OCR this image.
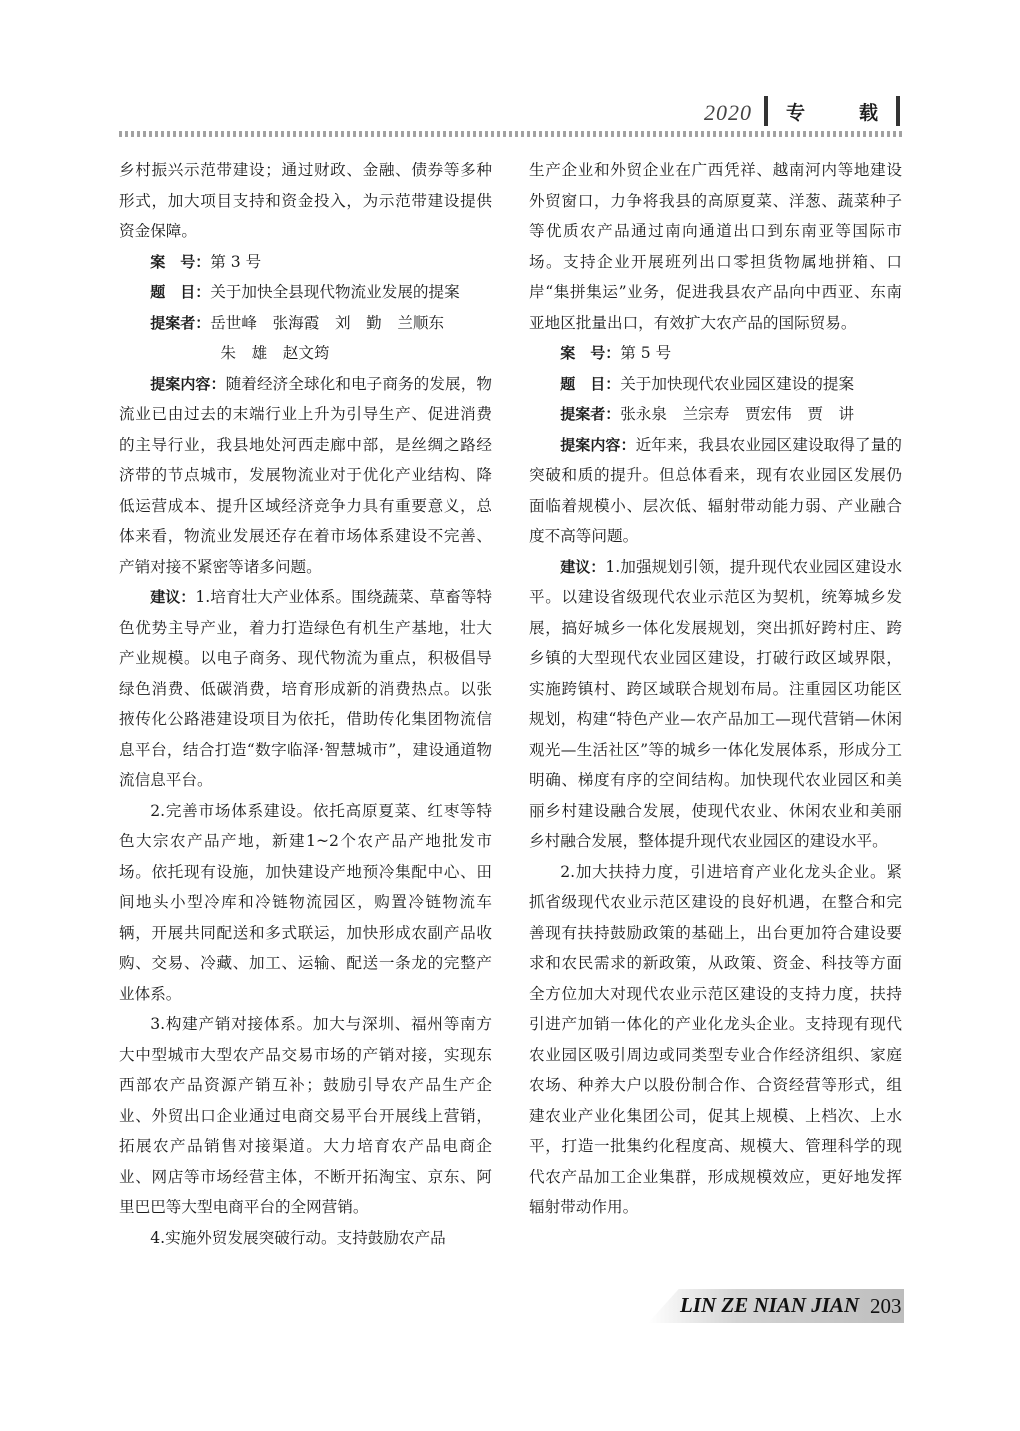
2020 专	载

乡村振兴示范带建设；通过财政、金融、债券等多种形式，加大项目支持和资金投入，为示范带建设提供资金保障。

案　号：第 3 号

题　目：关于加快全县现代物流业发展的提案

提案者：岳世峰　张海霞　刘　勤　兰顺东

朱　雄　赵文筠

提案内容：随着经济全球化和电子商务的发展，物流业已由过去的末端行业上升为引导生产、促进消费的主导行业，我县地处河西走廊中部，是丝绸之路经济带的节点城市，发展物流业对于优化产业结构、降低运营成本、提升区域经济竞争力具有重要意义，总体来看，物流业发展还存在着市场体系建设不完善、产销对接不紧密等诸多问题。

建议：1.培育壮大产业体系。围绕蔬菜、草畜等特色优势主导产业，着力打造绿色有机生产基地，壮大产业规模。以电子商务、现代物流为重点，积极倡导绿色消费、低碳消费，培育形成新的消费热点。以张掖传化公路港建设项目为依托，借助传化集团物流信息平台，结合打造“数字临泽·智慧城市”，建设通道物流信息平台。

2.完善市场体系建设。依托高原夏菜、红枣等特色大宗农产品产地，新建1~2个农产品产地批发市场。依托现有设施，加快建设产地预冷集配中心、田间地头小型冷库和冷链物流园区，购置冷链物流车辆，开展共同配送和多式联运，加快形成农副产品收购、交易、冷藏、加工、运输、配送一条龙的完整产业体系。

3.构建产销对接体系。加大与深圳、福州等南方大中型城市大型农产品交易市场的产销对接，实现东西部农产品资源产销互补；鼓励引导农产品生产企业、外贸出口企业通过电商交易平台开展线上营销，拓展农产品销售对接渠道。大力培育农产品电商企业、网店等市场经营主体，不断开拓淘宝、京东、阿里巴巴等大型电商平台的全网营销。

4.实施外贸发展突破行动。支持鼓励农产品

生产企业和外贸企业在广西凭祥、越南河内等地建设外贸窗口，力争将我县的高原夏菜、洋葱、蔬菜种子等优质农产品通过南向通道出口到东南亚等国际市场。支持企业开展班列出口零担货物属地拼箱、口岸“集拼集运”业务，促进我县农产品向中西亚、东南亚地区批量出口，有效扩大农产品的国际贸易。

案　号：第 5 号

题　目：关于加快现代农业园区建设的提案

提案者：张永泉　兰宗寿　贾宏伟　贾　讲

提案内容：近年来，我县农业园区建设取得了量的突破和质的提升。但总体看来，现有农业园区发展仍面临着规模小、层次低、辐射带动能力弱、产业融合度不高等问题。

建议：1.加强规划引领，提升现代农业园区建设水平。以建设省级现代农业示范区为契机，统筹城乡发展，搞好城乡一体化发展规划，突出抓好跨村庄、跨乡镇的大型现代农业园区建设，打破行政区域界限，实施跨镇村、跨区域联合规划布局。注重园区功能区规划，构建“特色产业—农产品加工—现代营销—休闲观光—生活社区”等的城乡一体化发展体系，形成分工明确、梯度有序的空间结构。加快现代农业园区和美丽乡村建设融合发展，使现代农业、休闲农业和美丽乡村融合发展，整体提升现代农业园区的建设水平。

2.加大扶持力度，引进培育产业化龙头企业。紧抓省级现代农业示范区建设的良好机遇，在整合和完善现有扶持鼓励政策的基础上，出台更加符合建设要求和农民需求的新政策，从政策、资金、科技等方面全方位加大对现代农业示范区建设的支持力度，扶持引进产加销一体化的产业化龙头企业。支持现有现代农业园区吸引周边或同类型专业合作经济组织、家庭农场、种养大户以股份制合作、合资经营等形式，组建农业产业化集团公司，促其上规模、上档次、上水平，打造一批集约化程度高、规模大、管理科学的现代农产品加工企业集群，形成规模效应，更好地发挥辐射带动作用。

LIN ZE NIAN JIAN 203
